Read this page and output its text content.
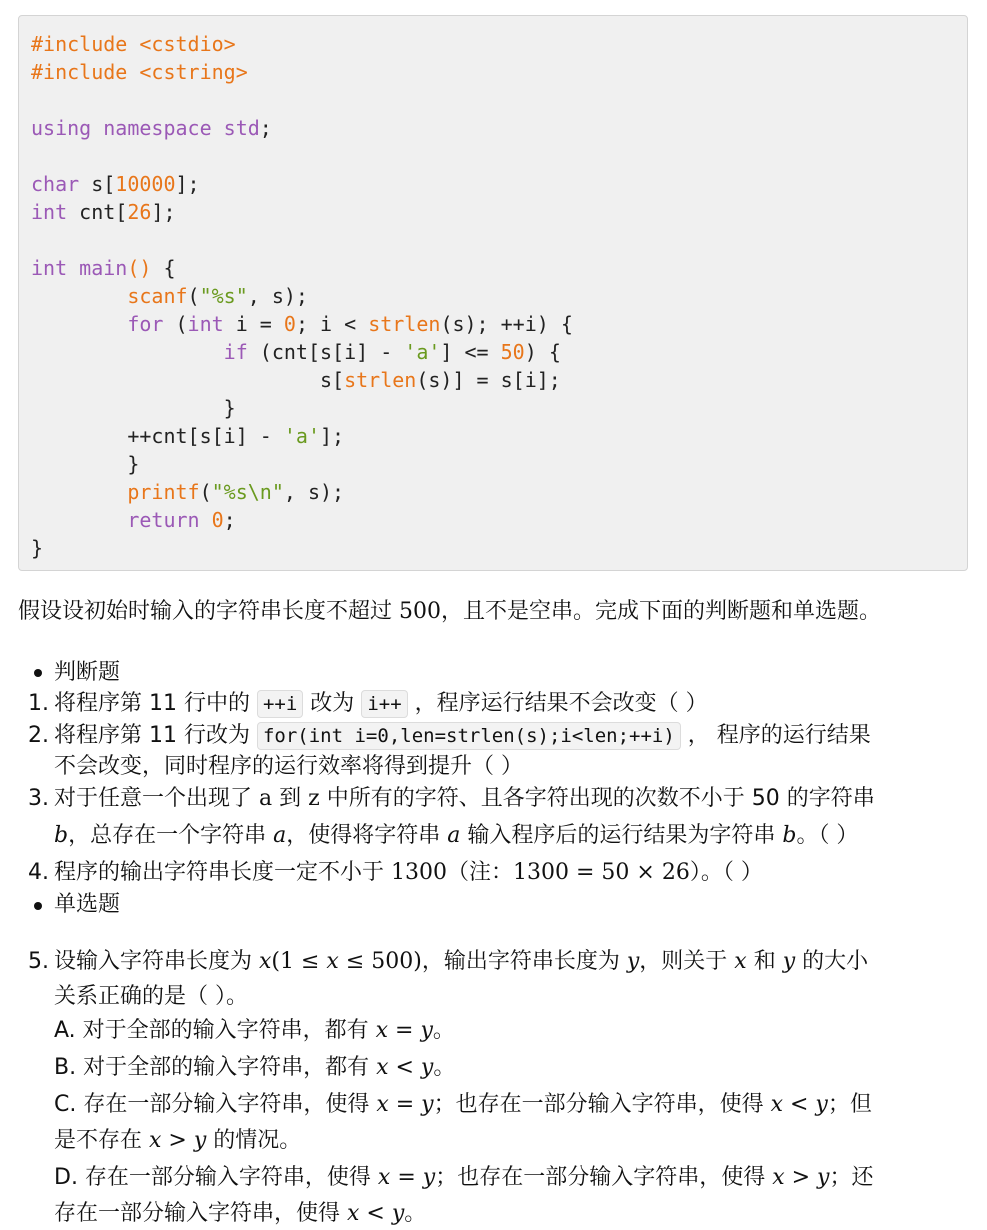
#include <cstdio>
#include <cstring>
using namespace std;
char s[10000];
int cnt[26];
int main() {
scanf("%s", s);
for (int i = 0; i < strlen(s); ++i) {
if (cnt[s[i] - 'a'] <= 50) {
s[strlen(s)] = s[i];
}
++cnt[s[i] - 'a'];
}
printf("%s\n", s);
return 0;
}
假设设初始时输入的字符串长度不超过 500，且不是空串。完成下面的判断题和单选题。
判断题
1. 将程序第 11 行中的 ++i 改为 i++ ，程序运行结果不会改变（ ）
2. 将程序第 11 行改为 for(int i=0,len=strlen(s);i<len;++i) ， 程序的运行结果
不会改变，同时程序的运行效率将得到提升（ ）
3. 对于任意一个出现了 a 到 z 中所有的字符、且各字符出现的次数不小于 50 的字符串
b，总存在一个字符串 a，使得将字符串 a 输入程序后的运行结果为字符串 b。（ ）
4. 程序的输出字符串长度一定不小于 1300（注：1300 = 50 × 26）。（ ）
单选题
5. 设输入字符串长度为 x(1 ≤ x ≤ 500)，输出字符串长度为 y，则关于 x 和 y 的大小
关系正确的是（ ）。
A. 对于全部的输入字符串，都有 x = y。
B. 对于全部的输入字符串，都有 x < y。
C. 存在一部分输入字符串，使得 x = y；也存在一部分输入字符串，使得 x < y；但
是不存在 x > y 的情况。
D. 存在一部分输入字符串，使得 x = y；也存在一部分输入字符串，使得 x > y；还
存在一部分输入字符串，使得 x < y。
